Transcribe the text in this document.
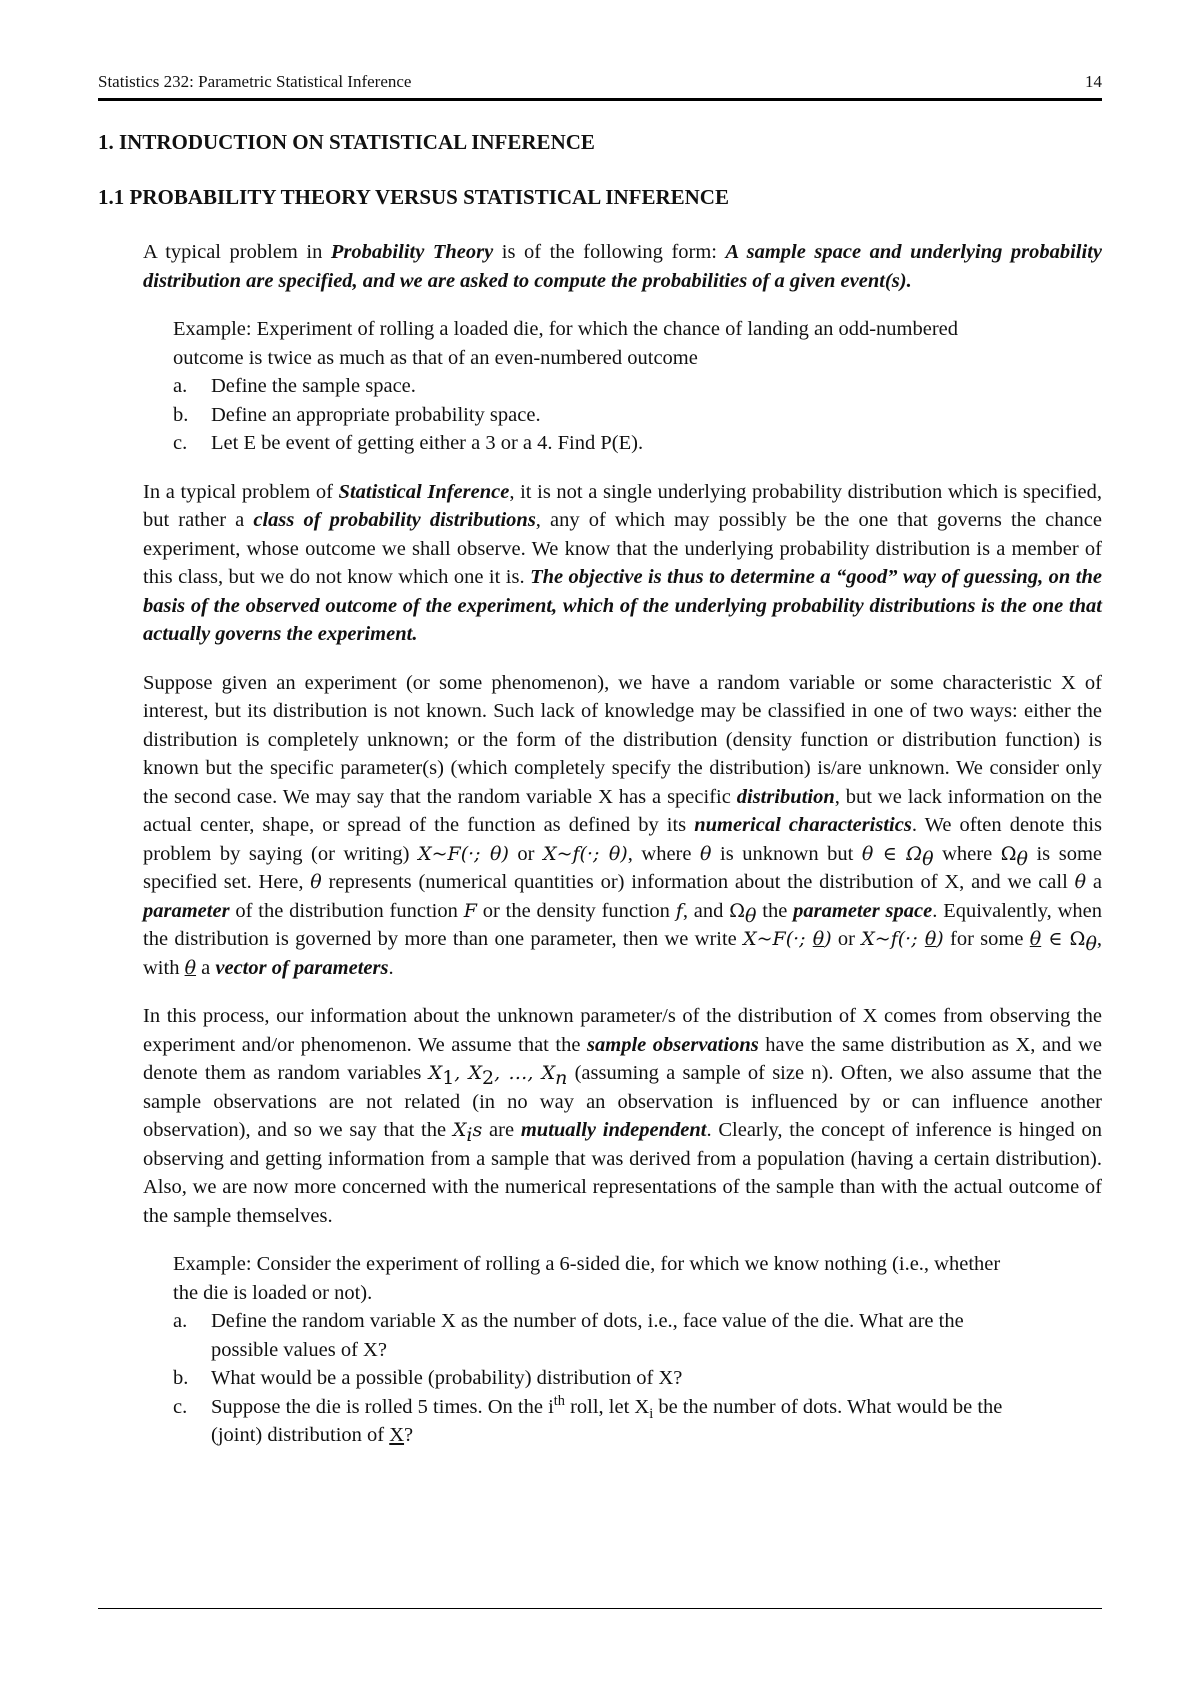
Statistics 232: Parametric Statistical Inference	14
1. INTRODUCTION ON STATISTICAL INFERENCE
1.1 PROBABILITY THEORY VERSUS STATISTICAL INFERENCE

A typical problem in Probability Theory is of the following form: A sample space and underlying probability distribution are specified, and we are asked to compute the probabilities of a given event(s).

Example: Experiment of rolling a loaded die, for which the chance of landing an odd-numbered outcome is twice as much as that of an even-numbered outcome

a. Define the sample space.
b. Define an appropriate probability space.
c. Let E be event of getting either a 3 or a 4. Find P(E).

In a typical problem of Statistical Inference, it is not a single underlying probability distribution which is specified, but rather a class of probability distributions, any of which may possibly be the one that governs the chance experiment, whose outcome we shall observe. We know that the underlying probability distribution is a member of this class, but we do not know which one it is. The objective is thus to determine a “good” way of guessing, on the basis of the observed outcome of the experiment, which of the underlying probability distributions is the one that actually governs the experiment.

Suppose given an experiment (or some phenomenon), we have a random variable or some characteristic X of interest, but its distribution is not known. Such lack of knowledge may be classified in one of two ways: either the distribution is completely unknown; or the form of the distribution (density function or distribution function) is known but the specific parameter(s) (which completely specify the distribution) is/are unknown. We consider only the second case. We may say that the random variable X has a specific distribution, but we lack information on the actual center, shape, or spread of the function as defined by its numerical characteristics. We often denote this problem by saying (or writing) X~F(·; θ) or X~f(·; θ), where θ is unknown but θ ∈ $\Omega_\theta$ where $\Omega_\theta$ is some specified set. Here, θ represents (numerical quantities or) information about the distribution of X, and we call θ a parameter of the distribution function F or the density function f, and $\Omega_\theta$ the parameter space. Equivalently, when the distribution is governed by more than one parameter, then we write X~F(·; θ) or X~f(·; θ) for some θ ∈ $\Omega_\theta$, with θ a vector of parameters.

In this process, our information about the unknown parameter/s of the distribution of X comes from observing the experiment and/or phenomenon. We assume that the sample observations have the same distribution as X, and we denote them as random variables $X_1$, $X_2$, …, $X_n$ (assuming a sample of size n). Often, we also assume that the sample observations are not related (in no way an observation is influenced by or can influence another observation), and so we say that the $X_is$ are mutually independent. Clearly, the concept of inference is hinged on observing and getting information from a sample that was derived from a population (having a certain distribution). Also, we are now more concerned with the numerical representations of the sample than with the actual outcome of the sample themselves.

Example: Consider the experiment of rolling a 6-sided die, for which we know nothing (i.e., whether the die is loaded or not).

a. Define the random variable X as the number of dots, i.e., face value of the die. What are the possible values of X?
b. What would be a possible (probability) distribution of X?
c. Suppose the die is rolled 5 times. On the $i^{th}$ roll, let $X_i$ be the number of dots. What would be the (joint) distribution of X?
